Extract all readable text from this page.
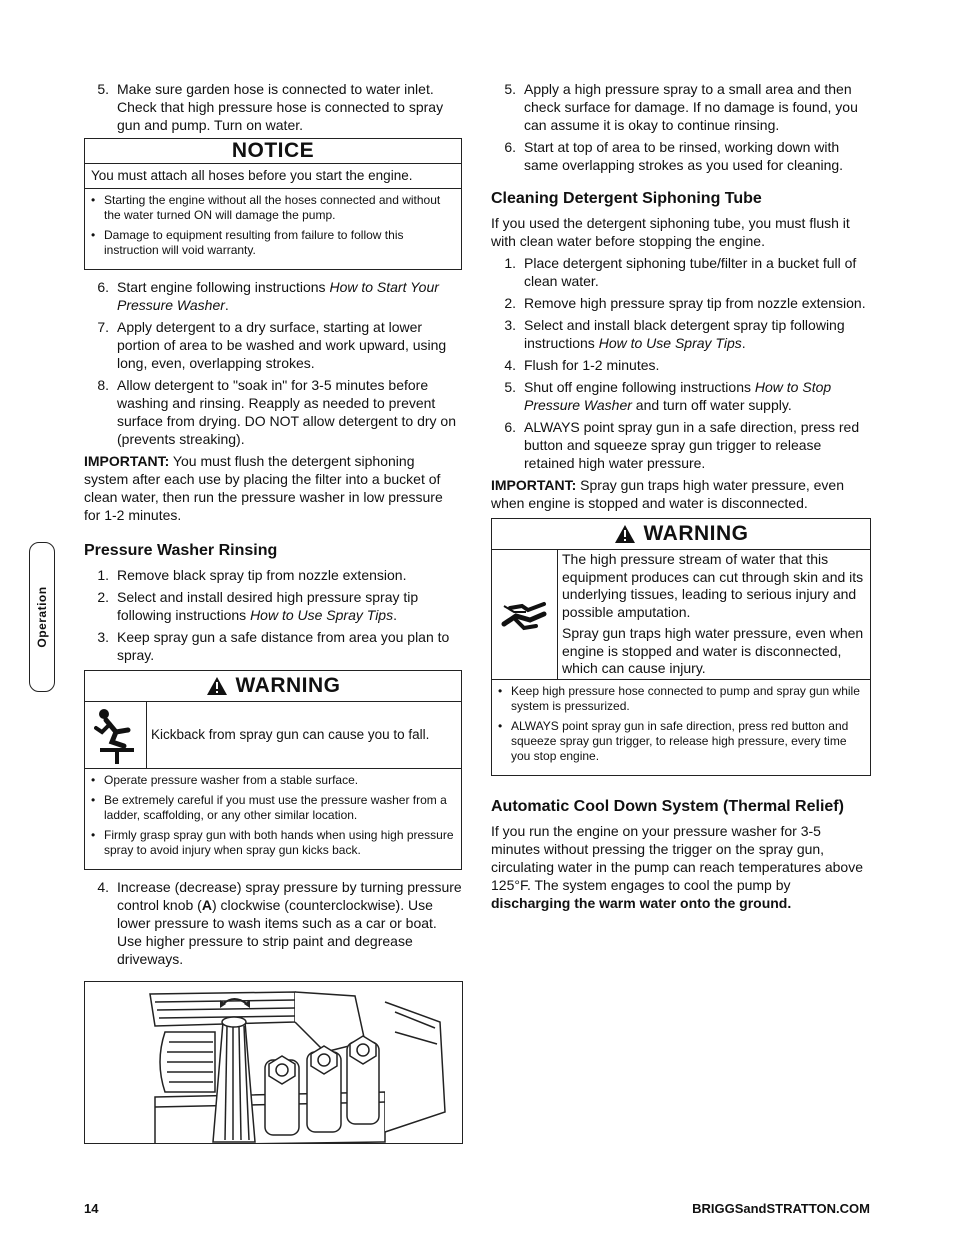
Operation
5. Make sure garden hose is connected to water inlet. Check that high pressure hose is connected to spray gun and pump. Turn on water.
NOTICE
You must attach all hoses before you start the engine.
• Starting the engine without all the hoses connected and without the water turned ON will damage the pump.
• Damage to equipment resulting from failure to follow this instruction will void warranty.
6. Start engine following instructions How to Start Your Pressure Washer.
7. Apply detergent to a dry surface, starting at lower portion of area to be washed and work upward, using long, even, overlapping strokes.
8. Allow detergent to "soak in" for 3-5 minutes before washing and rinsing. Reapply as needed to prevent surface from drying. DO NOT allow detergent to dry on (prevents streaking).

IMPORTANT: You must flush the detergent siphoning system after each use by placing the filter into a bucket of clean water, then run the pressure washer in low pressure for 1-2 minutes.

Pressure Washer Rinsing
1. Remove black spray tip from nozzle extension.
2. Select and install desired high pressure spray tip following instructions How to Use Spray Tips.
3. Keep spray gun a safe distance from area you plan to spray.
WARNING
Kickback from spray gun can cause you to fall.
• Operate pressure washer from a stable surface.
• Be extremely careful if you must use the pressure washer from a ladder, scaffolding, or any other similar location.
• Firmly grasp spray gun with both hands when using high pressure spray to avoid injury when spray gun kicks back.
4. Increase (decrease) spray pressure by turning pressure control knob (A) clockwise (counterclockwise). Use lower pressure to wash items such as a car or boat. Use higher pressure to strip paint and degrease driveways.
5. Apply a high pressure spray to a small area and then check surface for damage. If no damage is found, you can assume it is okay to continue rinsing.
6. Start at top of area to be rinsed, working down with same overlapping strokes as you used for cleaning.
Cleaning Detergent Siphoning Tube

If you used the detergent siphoning tube, you must flush it with clean water before stopping the engine.

1. Place detergent siphoning tube/filter in a bucket full of clean water.
2. Remove high pressure spray tip from nozzle extension.
3. Select and install black detergent spray tip following instructions How to Use Spray Tips.
4. Flush for 1-2 minutes.
5. Shut off engine following instructions How to Stop Pressure Washer and turn off water supply.
6. ALWAYS point spray gun in a safe direction, press red button and squeeze spray gun trigger to release retained high water pressure.

IMPORTANT: Spray gun traps high water pressure, even when engine is stopped and water is disconnected.

WARNING

The high pressure stream of water that this equipment produces can cut through skin and its underlying tissues, leading to serious injury and possible amputation.

Spray gun traps high water pressure, even when engine is stopped and water is disconnected, which can cause injury.

• Keep high pressure hose connected to pump and spray gun while system is pressurized.
• ALWAYS point spray gun in safe direction, press red button and squeeze spray gun trigger, to release high pressure, every time you stop engine.
Automatic Cool Down System (Thermal Relief)

If you run the engine on your pressure washer for 3-5 minutes without pressing the trigger on the spray gun, circulating water in the pump can reach temperatures above 125°F. The system engages to cool the pump by discharging the warm water onto the ground.

14	BRIGGSandSTRATTON.COM
